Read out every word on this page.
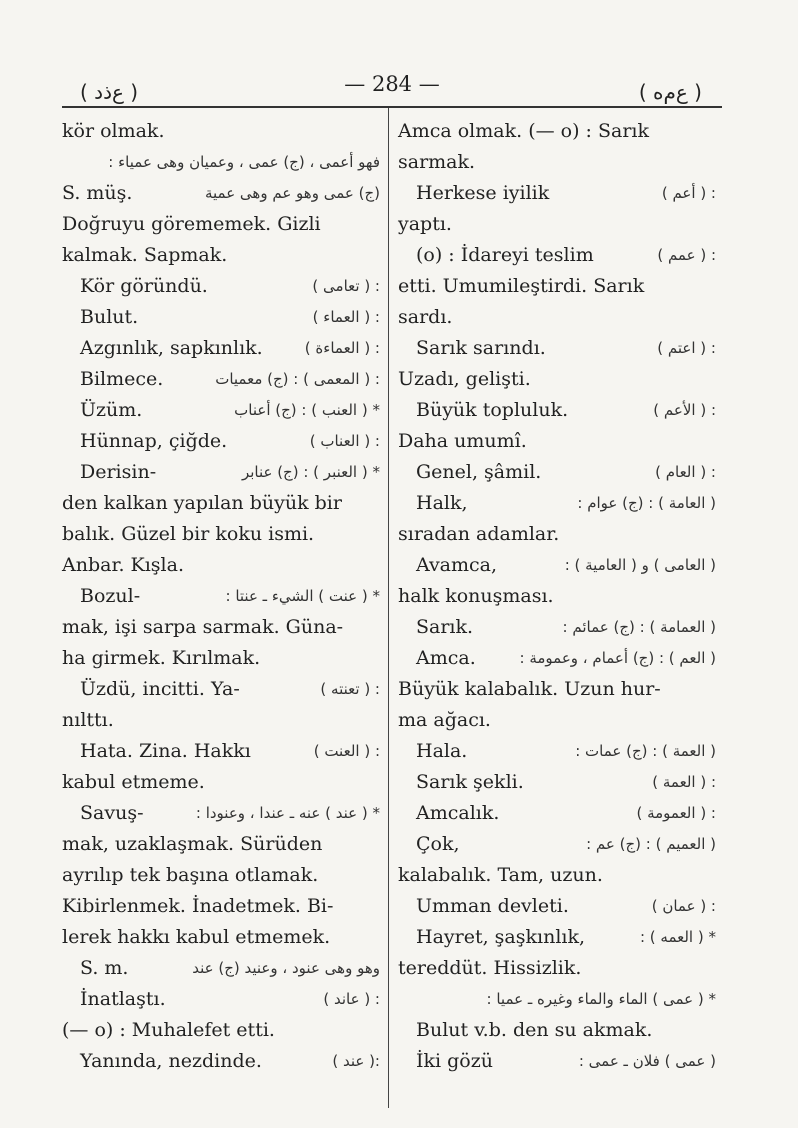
( ع‌ذد )	— 284 —	( ع‌م‌ه )
kör olmak.
فهو أعمى ، (ج) عمى ، وعميان وهى عمياء :
S. müş.	(ج) عمى وهو عم وهى عمية
Doğruyu görememek. Gizli
kalmak. Sapmak.
Kör göründü.	: ( تعامى )
Bulut.	: ( العماء )
Azgınlık, sapkınlık.	: ( العماءة )
Bilmece.	: ( المعمى ) : (ج) معميات
Üzüm.	* ( العنب ) : (ج) أعناب
Hünnap, çiğde.	: ( العناب )
Derisin-	* ( العنبر ) : (ج) عنابر
den kalkan yapılan büyük bir
balık. Güzel bir koku ismi.
Anbar. Kışla.
Bozul-	* ( عنت ) الشيء ـ عنتا :
mak, işi sarpa sarmak. Güna-
ha girmek. Kırılmak.
Üzdü, incitti. Ya-	: ( تعنته )
nılttı.
Hata. Zina. Hakkı	: ( العنت )
kabul etmeme.
Savuş-	* ( عند ) عنه ـ عندا ، وعنودا :
mak, uzaklaşmak. Sürüden
ayrılıp tek başına otlamak.
Kibirlenmek. İnadetmek. Bi-
lerek hakkı kabul etmemek.
S. m.	وهو وهى عنود ، وعنيد (ج) عند
İnatlaştı.	: ( عاند )
(— o) : Muhalefet etti.
Yanında, nezdinde.	:( عند )
Amca olmak. (— o) : Sarık
sarmak.
Herkese iyilik	: ( أعم )
yaptı.
(o) : İdareyi teslim	: ( عمم )
etti. Umumileştirdi. Sarık
sardı.
Sarık sarındı.	: ( اعتم )
Uzadı, gelişti.
Büyük topluluk.	: ( الأعم )
Daha umumî.
Genel, şâmil.	: ( العام )
Halk,	( العامة ) : (ج) عوام :
sıradan adamlar.
Avamca,	( العامى ) و ( العامية ) :
halk konuşması.
Sarık.	( العمامة ) : (ج) عمائم :
Amca.	( العم ) : (ج) أعمام ، وعمومة :
Büyük kalabalık. Uzun hur-
ma ağacı.
Hala.	( العمة ) : (ج) عمات :
Sarık şekli.	: ( العمة )
Amcalık.	: ( العمومة )
Çok,	( العميم ) : (ج) عم :
kalabalık. Tam, uzun.
Umman devleti.	: ( عمان )
Hayret, şaşkınlık,	* ( العمه ) :
tereddüt. Hissizlik.
* ( عمى ) الماء والماء وغيره ـ عميا :
Bulut v.b. den su akmak.
İki gözü	( عمى ) فلان ـ عمى :
